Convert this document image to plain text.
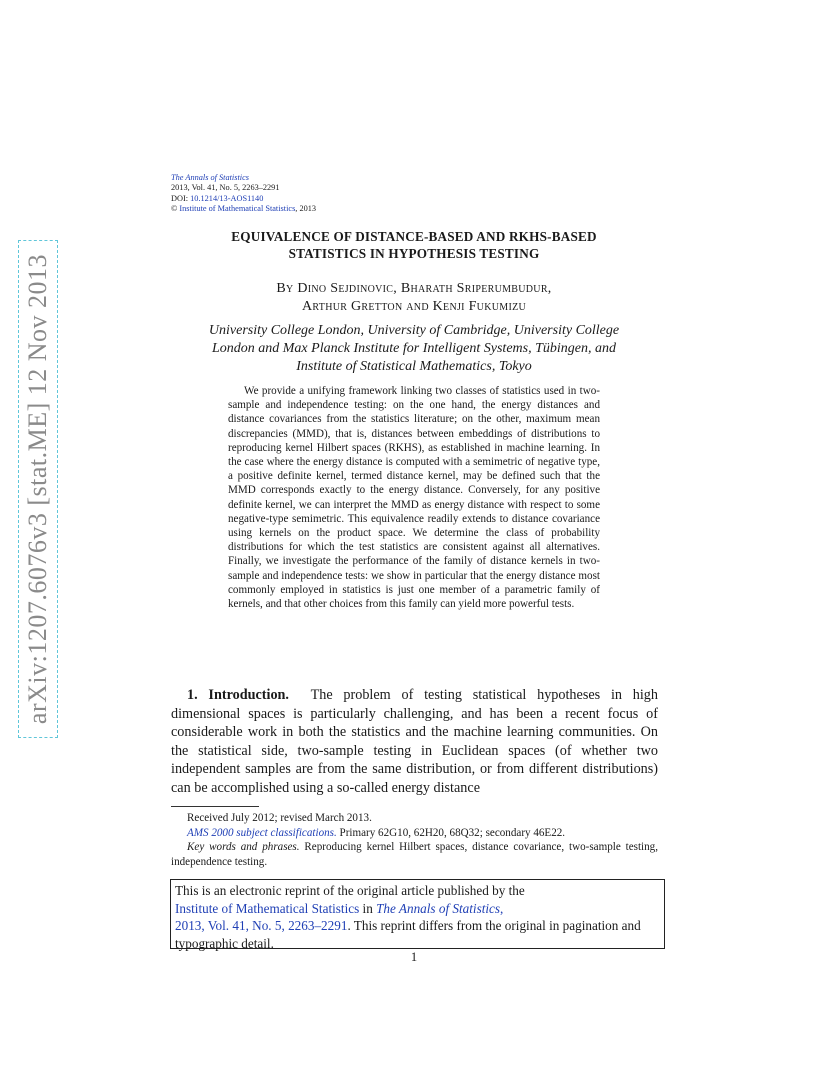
arXiv:1207.6076v3 [stat.ME] 12 Nov 2013
The Annals of Statistics
2013, Vol. 41, No. 5, 2263–2291
DOI: 10.1214/13-AOS1140
© Institute of Mathematical Statistics, 2013
EQUIVALENCE OF DISTANCE-BASED AND RKHS-BASED
STATISTICS IN HYPOTHESIS TESTING
By Dino Sejdinovic, Bharath Sriperumbudur,
Arthur Gretton and Kenji Fukumizu
University College London, University of Cambridge, University College
London and Max Planck Institute for Intelligent Systems, Tübingen, and
Institute of Statistical Mathematics, Tokyo

We provide a unifying framework linking two classes of statistics used in two-sample and independence testing: on the one hand, the energy distances and distance covariances from the statistics literature; on the other, maximum mean discrepancies (MMD), that is, distances between embeddings of distributions to reproducing kernel Hilbert spaces (RKHS), as established in machine learning. In the case where the energy distance is computed with a semimetric of negative type, a positive definite kernel, termed distance kernel, may be defined such that the MMD corresponds exactly to the energy distance. Conversely, for any positive definite kernel, we can interpret the MMD as energy distance with respect to some negative-type semimetric. This equivalence readily extends to distance covariance using kernels on the product space. We determine the class of probability distributions for which the test statistics are consistent against all alternatives. Finally, we investigate the performance of the family of distance kernels in two-sample and independence tests: we show in particular that the energy distance most commonly employed in statistics is just one member of a parametric family of kernels, and that other choices from this family can yield more powerful tests.

1. Introduction. The problem of testing statistical hypotheses in high dimensional spaces is particularly challenging, and has been a recent focus of considerable work in both the statistics and the machine learning communities. On the statistical side, two-sample testing in Euclidean spaces (of whether two independent samples are from the same distribution, or from different distributions) can be accomplished using a so-called energy distance

Received July 2012; revised March 2013.

AMS 2000 subject classifications. Primary 62G10, 62H20, 68Q32; secondary 46E22.

Key words and phrases. Reproducing kernel Hilbert spaces, distance covariance, two-sample testing, independence testing.

This is an electronic reprint of the original article published by the
Institute of Mathematical Statistics in The Annals of Statistics,
2013, Vol. 41, No. 5, 2263–2291. This reprint differs from the original in pagination and typographic detail.
1
